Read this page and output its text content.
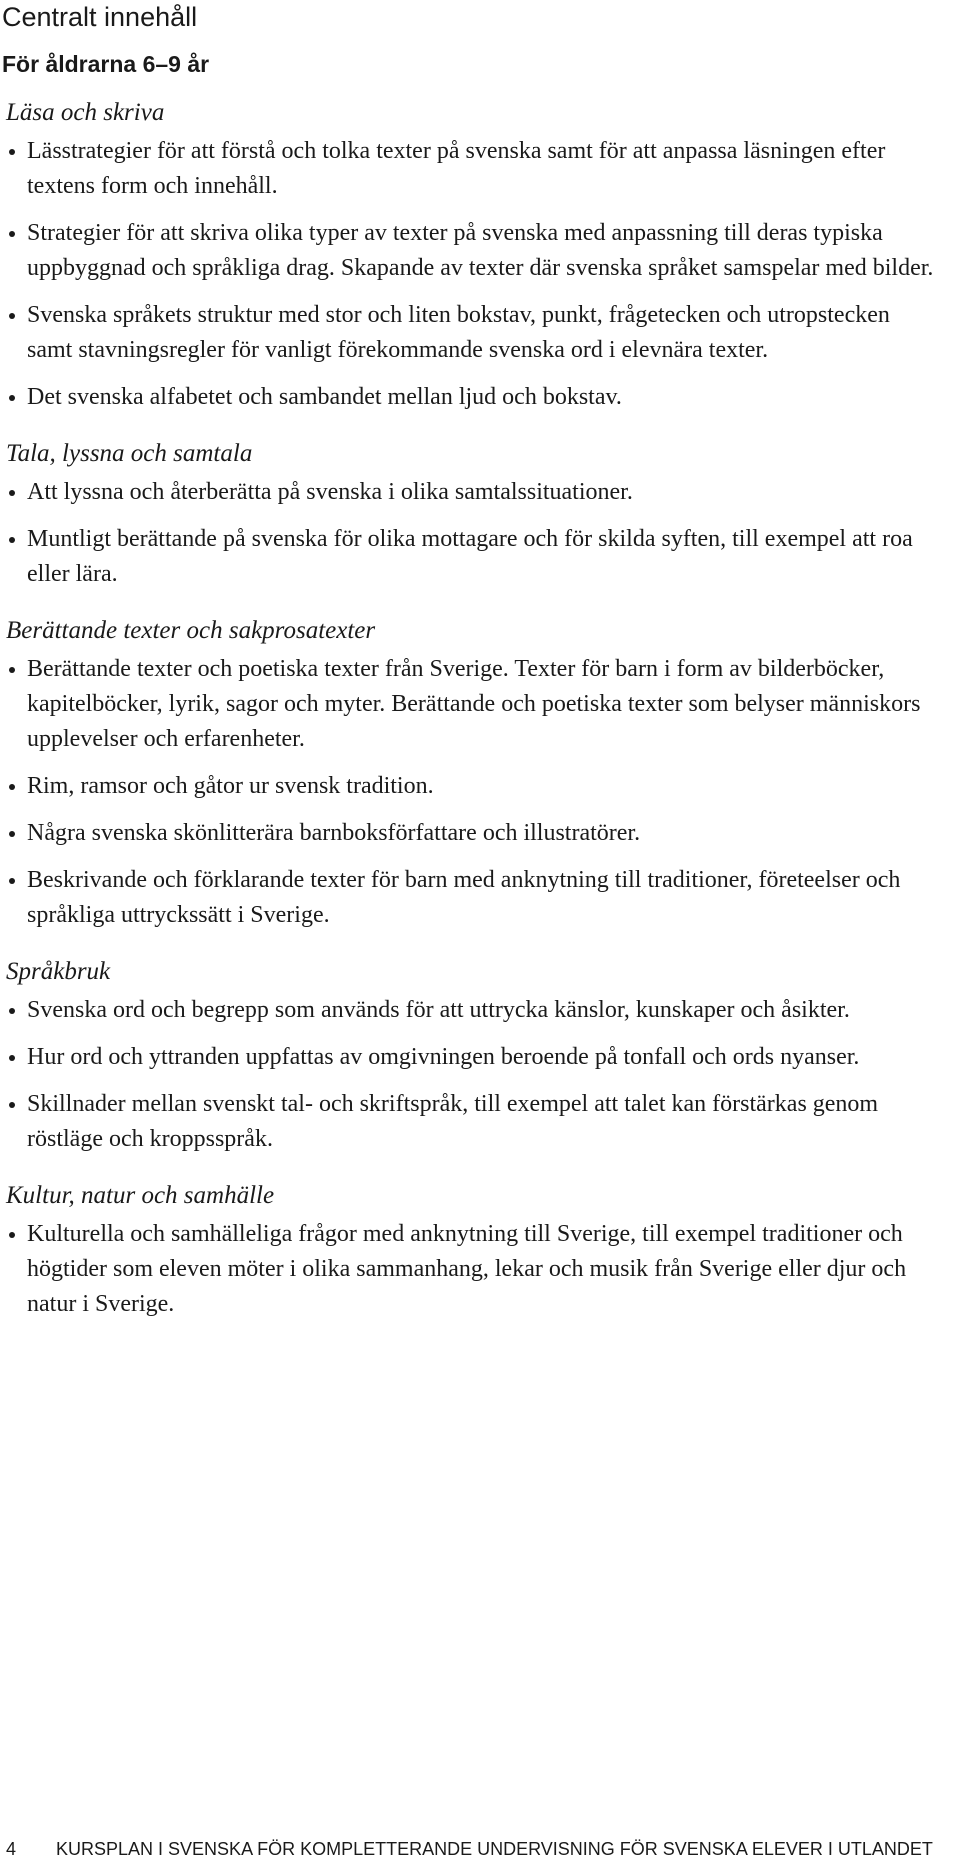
Centralt innehåll
För åldrarna 6–9 år
Läsa och skriva
Lässtrategier för att förstå och tolka texter på svenska samt för att anpassa läsningen efter textens form och innehåll.
Strategier för att skriva olika typer av texter på svenska med anpassning till deras typiska uppbyggnad och språkliga drag. Skapande av texter där svenska språket samspelar med bilder.
Svenska språkets struktur med stor och liten bokstav, punkt, frågetecken och utropstecken samt stavningsregler för vanligt förekommande svenska ord i elevnära texter.
Det svenska alfabetet och sambandet mellan ljud och bokstav.
Tala, lyssna och samtala
Att lyssna och återberätta på svenska i olika samtalssituationer.
Muntligt berättande på svenska för olika mottagare och för skilda syften, till exempel att roa eller lära.
Berättande texter och sakprosatexter
Berättande texter och poetiska texter från Sverige. Texter för barn i form av bilderböcker, kapitelböcker, lyrik, sagor och myter. Berättande och poetiska texter som belyser människors upplevelser och erfarenheter.
Rim, ramsor och gåtor ur svensk tradition.
Några svenska skönlitterära barnboksförfattare och illustratörer.
Beskrivande och förklarande texter för barn med anknytning till traditioner, företeelser och språkliga uttryckssätt i Sverige.
Språkbruk
Svenska ord och begrepp som används för att uttrycka känslor, kunskaper och åsikter.
Hur ord och yttranden uppfattas av omgivningen beroende på tonfall och ords nyanser.
Skillnader mellan svenskt tal- och skriftspråk, till exempel att talet kan förstärkas genom röstläge och kroppsspråk.
Kultur, natur och samhälle
Kulturella och samhälleliga frågor med anknytning till Sverige, till exempel traditioner och högtider som eleven möter i olika sammanhang, lekar och musik från Sverige eller djur och natur i Sverige.
4 KURSPLAN I SVENSKA FÖR KOMPLETTERANDE UNDERVISNING FÖR SVENSKA ELEVER I UTLANDET
